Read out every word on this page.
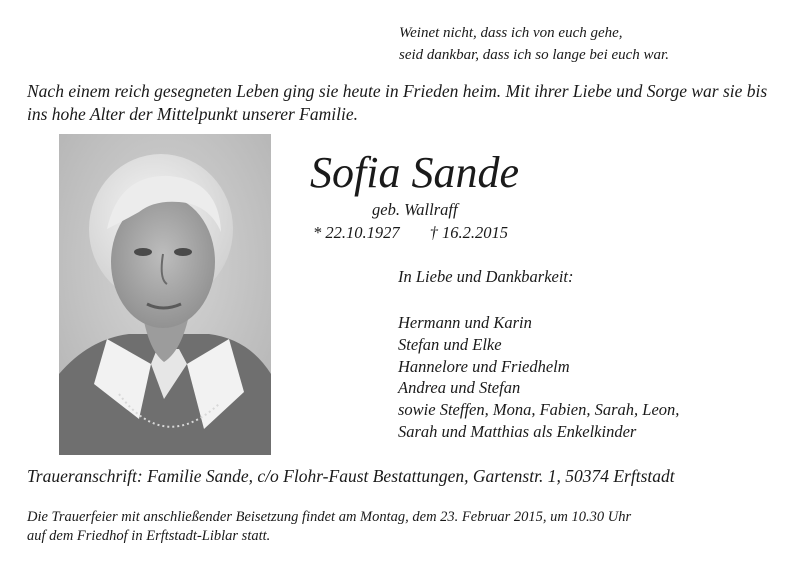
Weinet nicht, dass ich von euch gehe,
seid dankbar, dass ich so lange bei euch war.

Nach einem reich gesegneten Leben ging sie heute in Frieden heim. Mit ihrer Liebe und Sorge war sie bis ins hohe Alter der Mittelpunkt unserer Familie.

Sofia Sande
geb. Wallraff
* 22.10.1927 † 16.2.2015
In Liebe und Dankbarkeit:
Hermann und Karin
Stefan und Elke
Hannelore und Friedhelm
Andrea und Stefan
sowie Steffen, Mona, Fabien, Sarah, Leon,
Sarah und Matthias als Enkelkinder
Traueranschrift: Familie Sande, c/o Flohr-Faust Bestattungen, Gartenstr. 1, 50374 Erftstadt
Die Trauerfeier mit anschließender Beisetzung findet am Montag, dem 23. Februar 2015, um 10.30 Uhr
auf dem Friedhof in Erftstadt-Liblar statt.
